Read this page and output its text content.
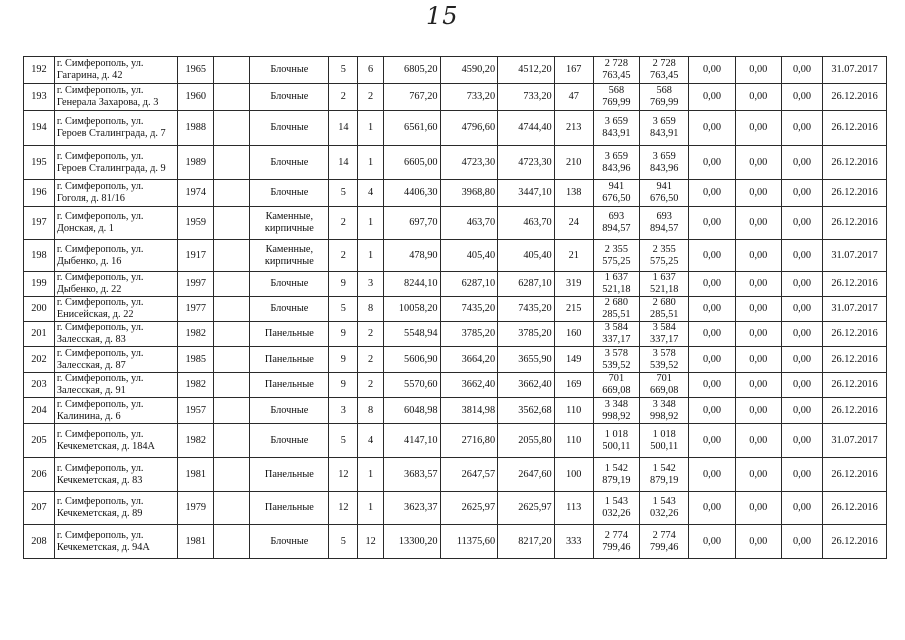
15
192	г. Симферополь, ул. Гагарина, д. 42	1965		Блочные	5	6	6805,20	4590,20	4512,20	167	2 728 763,45	2 728 763,45	0,00	0,00	0,00	31.07.2017
193	г. Симферополь, ул. Генерала Захарова, д. 3	1960		Блочные	2	2	767,20	733,20	733,20	47	568 769,99	568 769,99	0,00	0,00	0,00	26.12.2016
194	г. Симферополь, ул. Героев Сталинграда, д. 7	1988		Блочные	14	1	6561,60	4796,60	4744,40	213	3 659 843,91	3 659 843,91	0,00	0,00	0,00	26.12.2016
195	г. Симферополь, ул. Героев Сталинграда, д. 9	1989		Блочные	14	1	6605,00	4723,30	4723,30	210	3 659 843,96	3 659 843,96	0,00	0,00	0,00	26.12.2016
196	г. Симферополь, ул. Гоголя, д. 81/16	1974		Блочные	5	4	4406,30	3968,80	3447,10	138	941 676,50	941 676,50	0,00	0,00	0,00	26.12.2016
197	г. Симферополь, ул. Донская, д. 1	1959		Каменные, кирпичные	2	1	697,70	463,70	463,70	24	693 894,57	693 894,57	0,00	0,00	0,00	26.12.2016
198	г. Симферополь, ул. Дыбенко, д. 16	1917		Каменные, кирпичные	2	1	478,90	405,40	405,40	21	2 355 575,25	2 355 575,25	0,00	0,00	0,00	31.07.2017
199	г. Симферополь, ул. Дыбенко, д. 22	1997		Блочные	9	3	8244,10	6287,10	6287,10	319	1 637 521,18	1 637 521,18	0,00	0,00	0,00	26.12.2016
200	г. Симферополь, ул. Енисейская, д. 22	1977		Блочные	5	8	10058,20	7435,20	7435,20	215	2 680 285,51	2 680 285,51	0,00	0,00	0,00	31.07.2017
201	г. Симферополь, ул. Залесская, д. 83	1982		Панельные	9	2	5548,94	3785,20	3785,20	160	3 584 337,17	3 584 337,17	0,00	0,00	0,00	26.12.2016
202	г. Симферополь, ул. Залесская, д. 87	1985		Панельные	9	2	5606,90	3664,20	3655,90	149	3 578 539,52	3 578 539,52	0,00	0,00	0,00	26.12.2016
203	г. Симферополь, ул. Залесская, д. 91	1982		Панельные	9	2	5570,60	3662,40	3662,40	169	701 669,08	701 669,08	0,00	0,00	0,00	26.12.2016
204	г. Симферополь, ул. Калинина, д. 6	1957		Блочные	3	8	6048,98	3814,98	3562,68	110	3 348 998,92	3 348 998,92	0,00	0,00	0,00	26.12.2016
205	г. Симферополь, ул. Кечкеметская, д. 184А	1982		Блочные	5	4	4147,10	2716,80	2055,80	110	1 018 500,11	1 018 500,11	0,00	0,00	0,00	31.07.2017
206	г. Симферополь, ул. Кечкеметская, д. 83	1981		Панельные	12	1	3683,57	2647,57	2647,60	100	1 542 879,19	1 542 879,19	0,00	0,00	0,00	26.12.2016
207	г. Симферополь, ул. Кечкеметская, д. 89	1979		Панельные	12	1	3623,37	2625,97	2625,97	113	1 543 032,26	1 543 032,26	0,00	0,00	0,00	26.12.2016
208	г. Симферополь, ул. Кечкеметская, д. 94А	1981		Блочные	5	12	13300,20	11375,60	8217,20	333	2 774 799,46	2 774 799,46	0,00	0,00	0,00	26.12.2016
